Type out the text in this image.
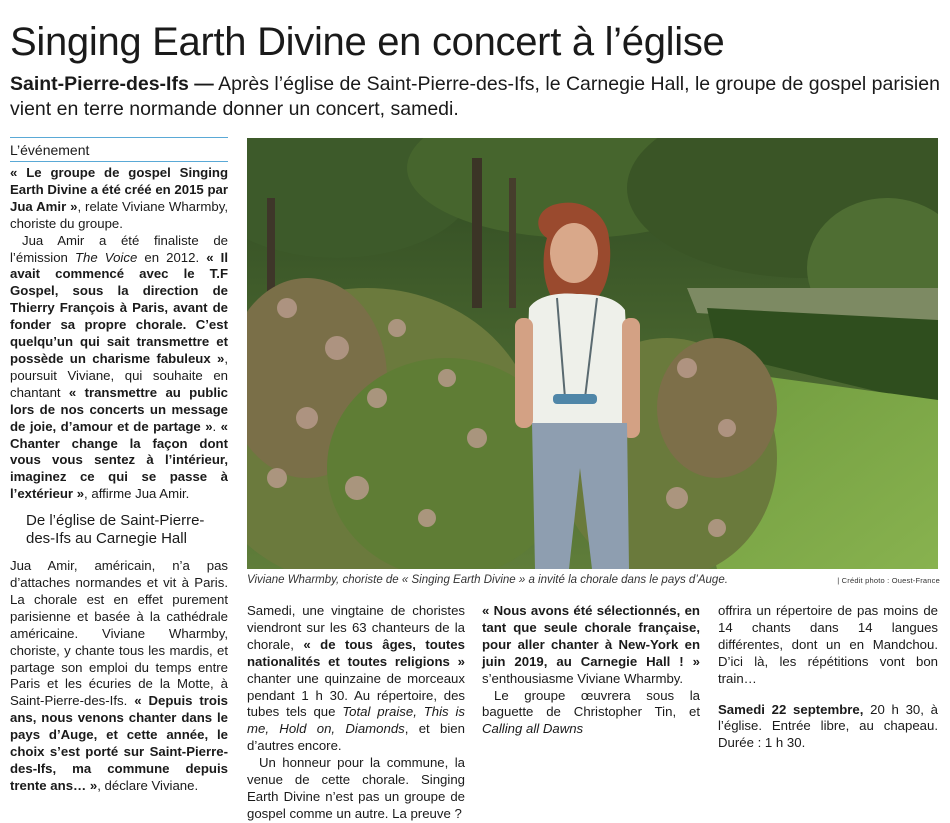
Singing Earth Divine en concert à l’église

Saint-Pierre-des-Ifs — Après l’église de Saint-Pierre-des-Ifs, le Carnegie Hall, le groupe de gospel parisien vient en terre normande donner un concert, samedi.

L’événement

« Le groupe de gospel Singing Earth Divine a été créé en 2015 par Jua Amir », relate Viviane Wharmby, choriste du groupe.

Jua Amir a été finaliste de l’émission The Voice en 2012. « Il avait commencé avec le T.F Gospel, sous la direction de Thierry François à Paris, avant de fonder sa propre chorale. C’est quelqu’un qui sait transmettre et possède un charisme fabuleux », poursuit Viviane, qui souhaite en chantant « transmettre au public lors de nos concerts un message de joie, d’amour et de partage ». « Chanter change la façon dont vous vous sentez à l’intérieur, imaginez ce qui se passe à l’extérieur », affirme Jua Amir.

De l’église de Saint-Pierre-des-Ifs au Carnegie Hall

Jua Amir, américain, n’a pas d’attaches normandes et vit à Paris. La chorale est en effet purement parisienne et basée à la cathédrale américaine. Viviane Wharmby, choriste, y chante tous les mardis, et partage son emploi du temps entre Paris et les écuries de la Motte, à Saint-Pierre-des-Ifs. « Depuis trois ans, nous venons chanter dans le pays d’Auge, et cette année, le choix s’est porté sur Saint-Pierre-des-Ifs, ma commune depuis trente ans… », déclare Viviane.

Viviane Wharmby, choriste de « Singing Earth Divine » a invité la chorale dans le pays d’Auge.	| Crédit photo : Ouest-France

Samedi, une vingtaine de choristes viendront sur les 63 chanteurs de la chorale, « de tous âges, toutes nationalités et toutes religions » chanter une quinzaine de morceaux pendant 1 h 30. Au répertoire, des tubes tels que Total praise, This is me, Hold on, Diamonds, et bien d’autres encore.

Un honneur pour la commune, la venue de cette chorale. Singing Earth Divine n’est pas un groupe de gospel comme un autre. La preuve ?

« Nous avons été sélectionnés, en tant que seule chorale française, pour aller chanter à New-York en juin 2019, au Carnegie Hall ! » s’enthousiasme Viviane Wharmby.

Le groupe œuvrera sous la baguette de Christopher Tin, et Calling all Dawns

offrira un répertoire de pas moins de 14 chants dans 14 langues différentes, dont un en Mandchou. D’ici là, les répétitions vont bon train…

Samedi 22 septembre, 20 h 30, à l’église. Entrée libre, au chapeau. Durée : 1 h 30.
